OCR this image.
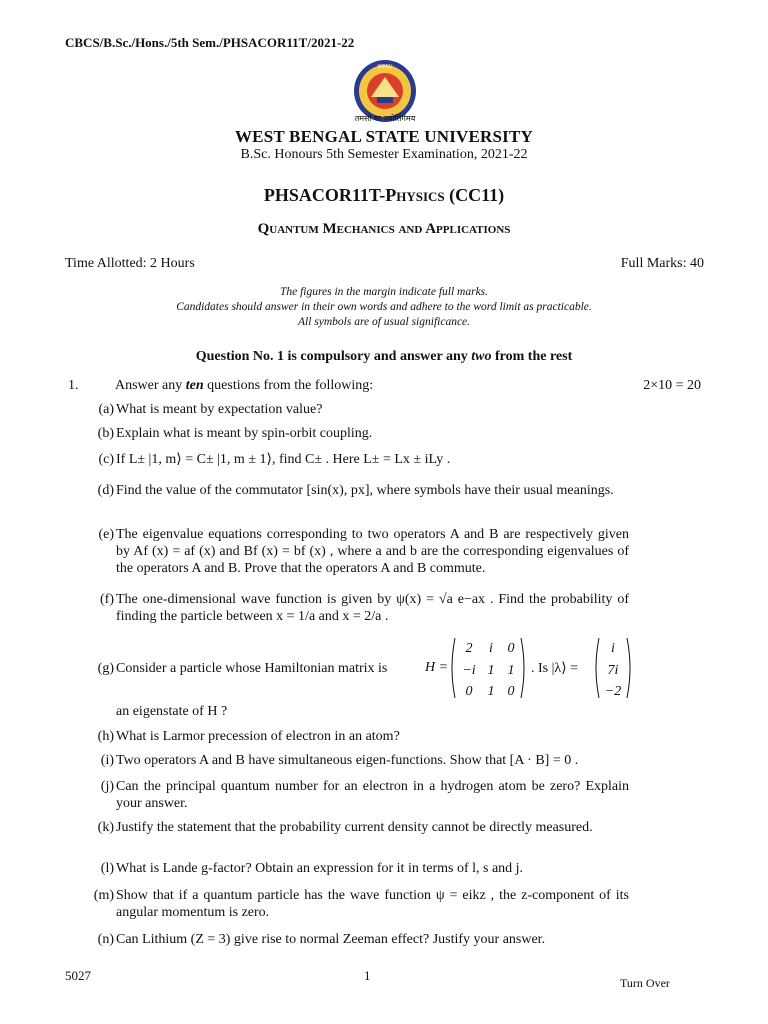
CBCS/B.Sc./Hons./5th Sem./PHSACOR11T/2021-22
WBSU
तमसो मा ज्योतिर्गमय
WEST BENGAL STATE UNIVERSITY
B.Sc. Honours 5th Semester Examination, 2021-22
PHSACOR11T-Physics (CC11)
Quantum Mechanics and Applications
Time Allotted: 2 Hours	Full Marks: 40
The figures in the margin indicate full marks.
Candidates should answer in their own words and adhere to the word limit as practicable.
All symbols are of usual significance.
Question No. 1 is compulsory and answer any two from the rest
1.	Answer any ten questions from the following:	2×10 = 20
(a) What is meant by expectation value?
(b) Explain what is meant by spin-orbit coupling.
(c) If L± |1, m⟩ = C± |1, m ± 1⟩, find C± . Here L± = Lx ± iLy .
(d) Find the value of the commutator [sin(x), px], where symbols have their usual meanings.
(e) The eigenvalue equations corresponding to two operators A and B are respectively given by Af (x) = af (x) and Bf (x) = bf (x) , where a and b are the corresponding eigenvalues of the operators A and B. Prove that the operators A and B commute.
(f) The one-dimensional wave function is given by ψ(x) = √a e−ax . Find the probability of finding the particle between x = 1/a and x = 2/a .
(g) Consider a particle whose Hamiltonian matrix is	H =
2 i 0
−i 1 1
0 1 0
. Is |λ⟩ =
i
7i
−2
an eigenstate of H ?
(h) What is Larmor precession of electron in an atom?
(i) Two operators A and B have simultaneous eigen-functions. Show that [A · B] = 0 .
(j) Can the principal quantum number for an electron in a hydrogen atom be zero? Explain your answer.
(k) Justify the statement that the probability current density cannot be directly measured.
(l) What is Lande g-factor? Obtain an expression for it in terms of l, s and j.
(m) Show that if a quantum particle has the wave function ψ = eikz , the z-component of its angular momentum is zero.
(n) Can Lithium (Z = 3) give rise to normal Zeeman effect? Justify your answer.
5027	1	Turn Over
